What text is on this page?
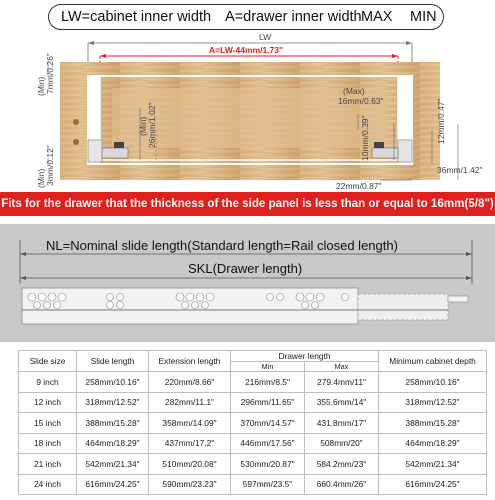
LW=cabinet inner width A=drawer inner width MAX MIN
LW
A=LW-44mm/1.73"
(Min) 7mm/0.26"
(Min) 3mm/0.12"
(Min) 26mm/1.02"
(Max)
16mm/0.63"
10mm/0.39"	12mm/0.47"
36mm/1.42"
22mm/0.87"
Fits for the drawer that the thickness of the side panel is less than or equal to 16mm(5/8")
NL=Nominal slide length(Standard length=Rail closed length)
SKL(Drawer length)
Slide size	Slide length	Extension length	Drawer length		Minimum cabinet depth
			Min	Max	
9 inch	258mm/10.16"	220mm/8.66"	216mm/8.5"	279.4mm/11"	258mm/10.16"
12 inch	318mm/12.52"	282mm/11.1"	296mm/11.65"	355.6mm/14"	318mm/12.52"
15 inch	388mm/15.28"	358mm/14.09"	370mm/14.57"	431.8mm/17"	388mm/15.28"
18 inch	464mm/18.29"	437mm/17.2"	446mm/17.56"	508mm/20"	464mm/18.29"
21 inch	542mm/21.34"	510mm/20.08"	530mm/20.87"	584.2mm/23"	542mm/21.34"
24 inch	616mm/24.25"	590mm/23.23"	597mm/23.5"	660.4mm/26"	616mm/24.25"
